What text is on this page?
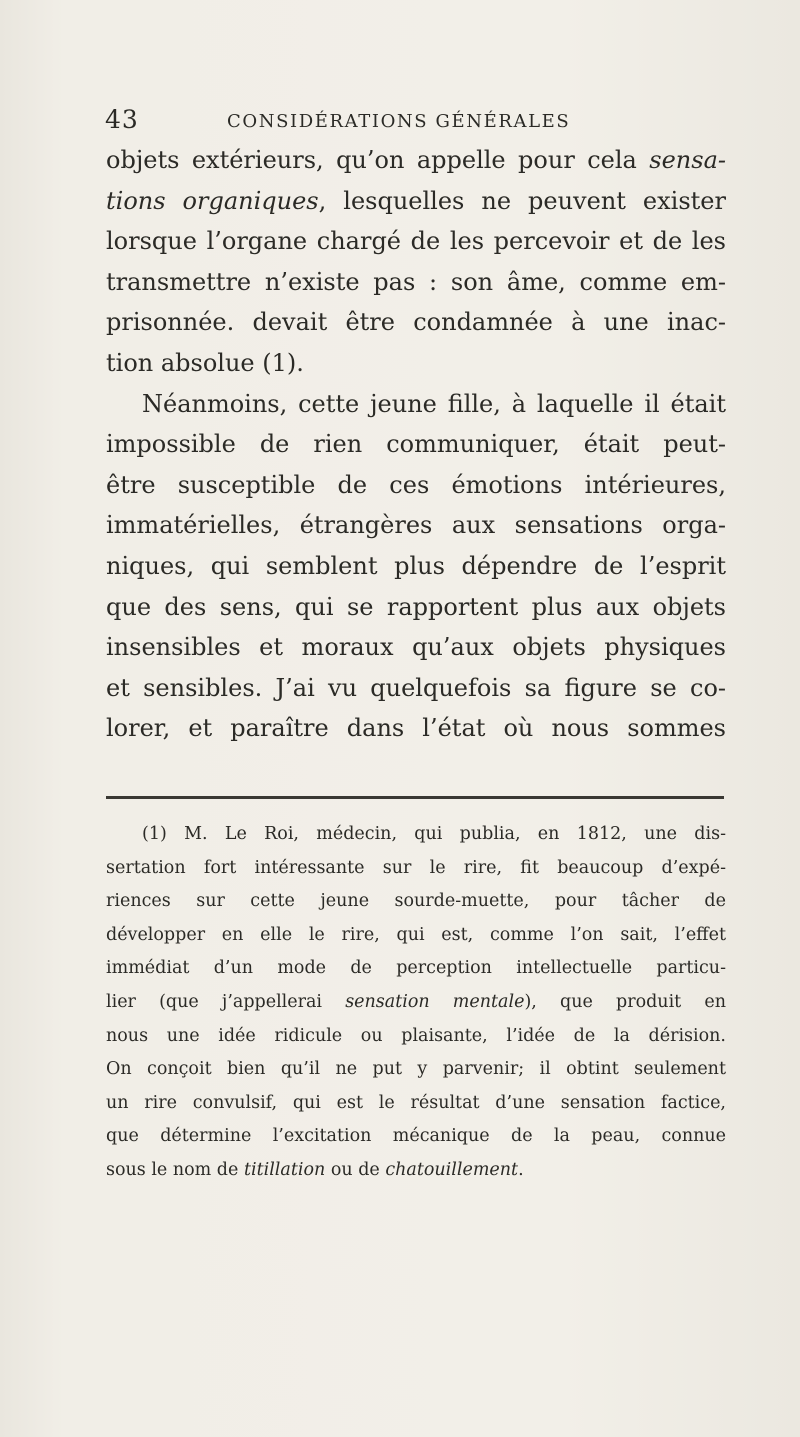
4​3	CONSIDÉRATIONS GÉNÉRALES
objets extérieurs, qu’on appelle pour cela sensa-
tions organiques, lesquelles ne peuvent exister
lorsque l’organe chargé de les percevoir et de les
transmettre n’existe pas : son âme, comme em-
prisonnée. devait être condamnée à une inac-
tion absolue (1).
Néanmoins, cette jeune fille, à laquelle il était
impossible de rien communiquer, était peut-
être susceptible de ces émotions intérieures,
immatérielles, étrangères aux sensations orga-
niques, qui semblent plus dépendre de l’esprit
que des sens, qui se rapportent plus aux objets
insensibles et moraux qu’aux objets physiques
et sensibles. J’ai vu quelquefois sa figure se co-
lorer, et paraître dans l’état où nous sommes
(1) M. Le Roi, médecin, qui publia, en 1812, une dis-
sertation fort intéressante sur le rire, fit beaucoup d’expé-
riences sur cette jeune sourde-muette, pour tâcher de
développer en elle le rire, qui est, comme l’on sait, l’effet
immédiat d’un mode de perception intellectuelle particu-
lier (que j’appellerai sensation mentale), que produit en
nous une idée ridicule ou plaisante, l’idée de la dérision.
On conçoit bien qu’il ne put y parvenir; il obtint seulement
un rire convulsif, qui est le résultat d’une sensation factice,
que détermine l’excitation mécanique de la peau, connue
sous le nom de titillation ou de chatouillement.
